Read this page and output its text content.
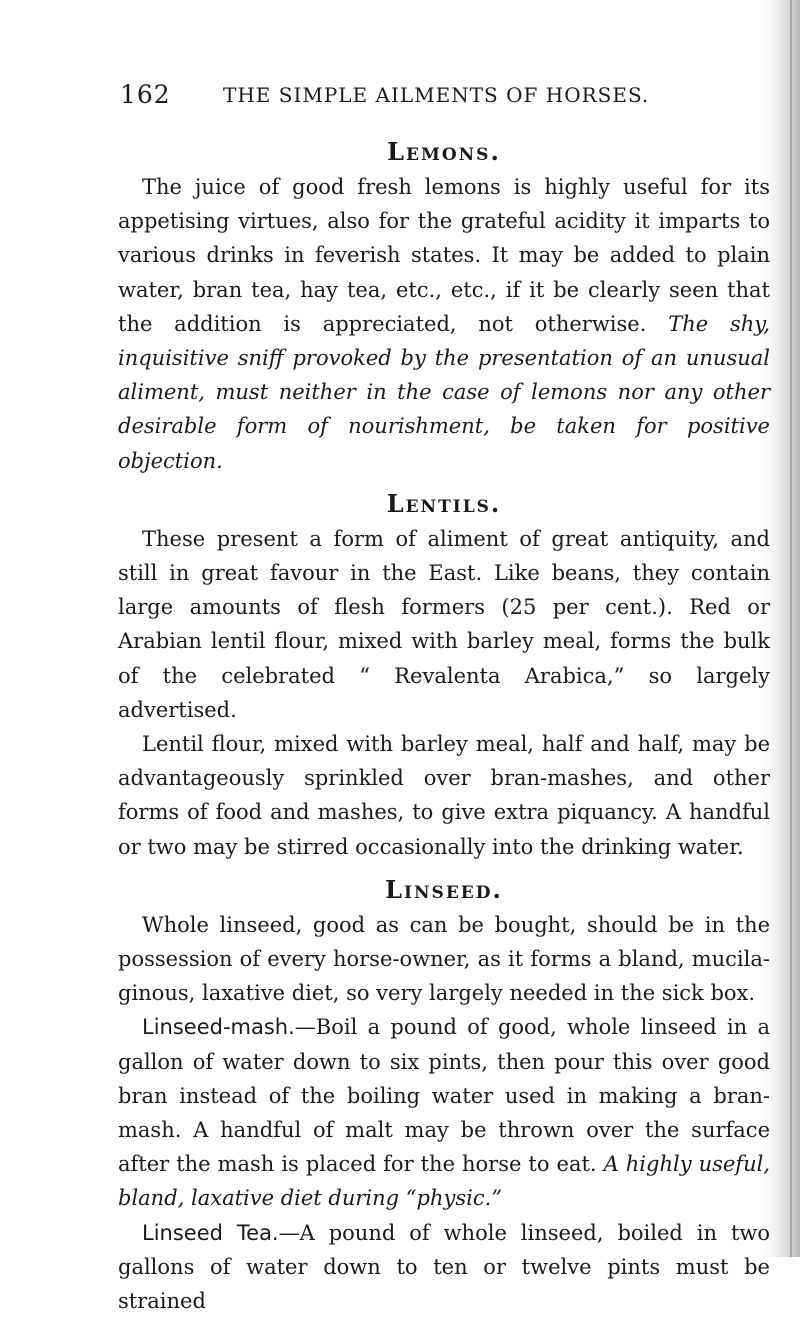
162	THE SIMPLE AILMENTS OF HORSES.
Lemons.

The juice of good fresh lemons is highly useful for its appetising virtues, also for the grateful acidity it imparts to various drinks in feverish states. It may be added to plain water, bran tea, hay tea, etc., etc., if it be clearly seen that the addition is appreciated, not otherwise. The shy, inquisitive sniff provoked by the presentation of an unusual aliment, must neither in the case of lemons nor any other desirable form of nourishment, be taken for positive objection.

Lentils.

These present a form of aliment of great antiquity, and still in great favour in the East. Like beans, they contain large amounts of flesh formers (25 per cent.). Red or Arabian lentil flour, mixed with barley meal, forms the bulk of the celebrated “ Revalenta Arabica,” so largely advertised.

Lentil flour, mixed with barley meal, half and half, may be advantageously sprinkled over bran-mashes, and other forms of food and mashes, to give extra piquancy. A handful or two may be stirred occasionally into the drinking water.

Linseed.

Whole linseed, good as can be bought, should be in the possession of every horse-owner, as it forms a bland, mucilaginous, laxative diet, so very largely needed in the sick box.

Linseed-mash.—Boil a pound of good, whole linseed in a gallon of water down to six pints, then pour this over good bran instead of the boiling water used in making a bran-mash. A handful of malt may be thrown over the surface after the mash is placed for the horse to eat. A highly useful, bland, laxative diet during “physic.”

Linseed Tea.—A pound of whole linseed, boiled in two gallons of water down to ten or twelve pints must be strained
